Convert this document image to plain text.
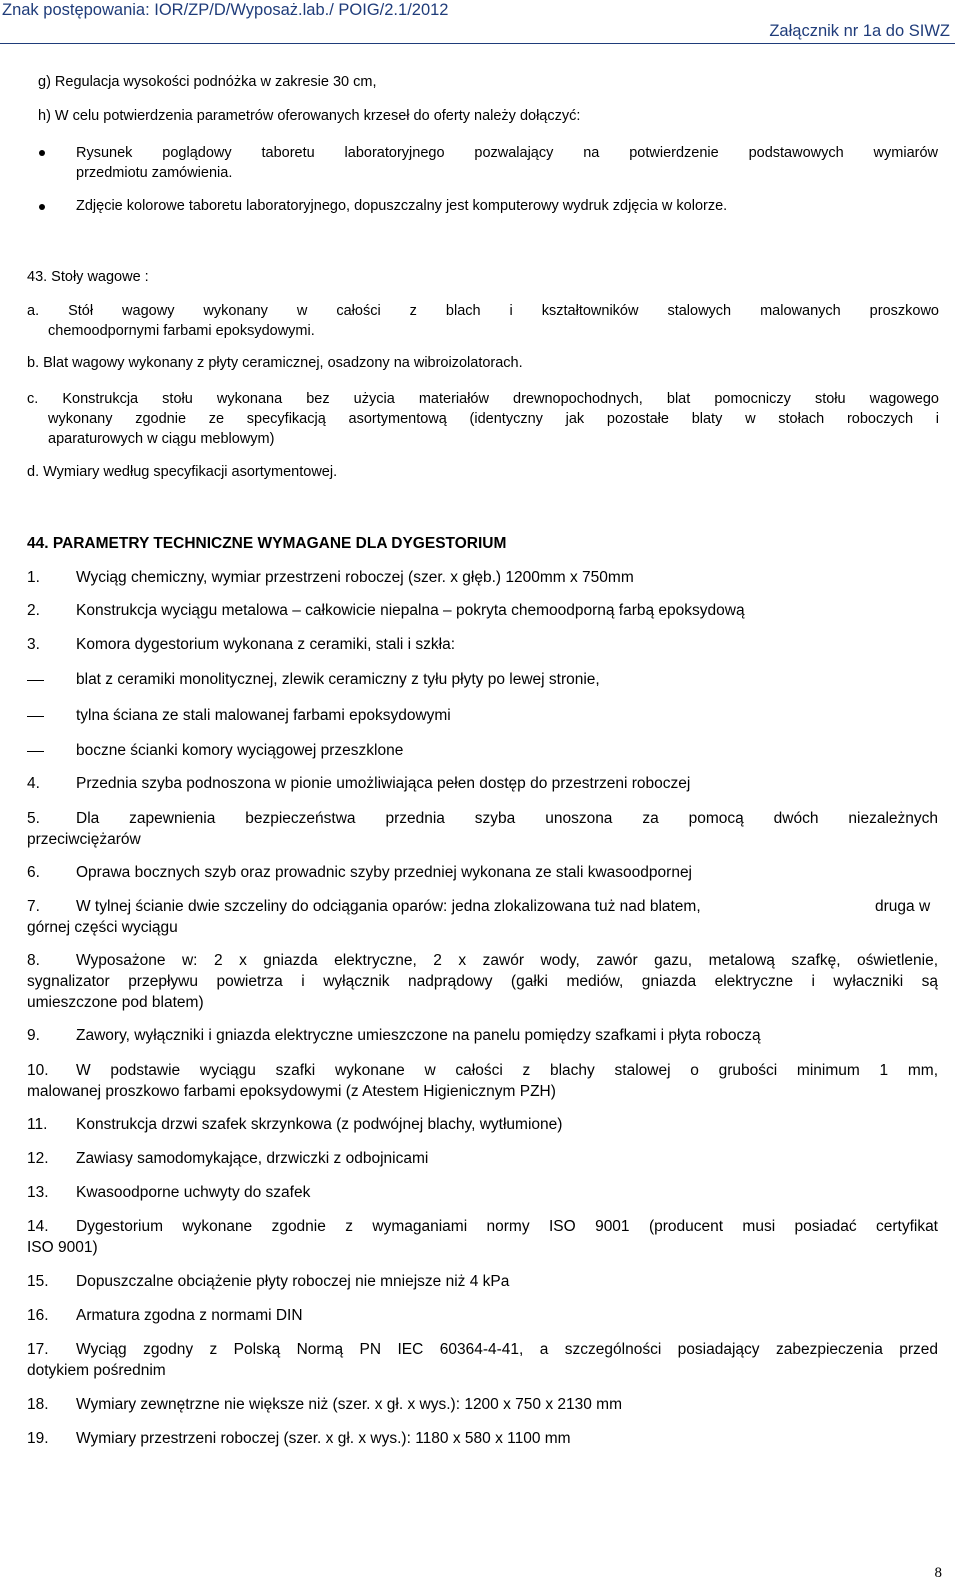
Znak postępowania: IOR/ZP/D/Wyposaż.lab./ POIG/2.1/2012
Załącznik nr 1a do SIWZ
g) Regulacja wysokości podnóżka w zakresie 30 cm,
h) W celu potwierdzenia parametrów oferowanych krzeseł do oferty należy dołączyć:
Rysunek poglądowy taboretu laboratoryjnego pozwalający na potwierdzenie podstawowych wymiarów
przedmiotu zamówienia.
Zdjęcie kolorowe taboretu laboratoryjnego, dopuszczalny jest komputerowy wydruk zdjęcia w kolorze.
43. Stoły wagowe :
a. Stół wagowy wykonany w całości z blach i kształtowników stalowych malowanych proszkowo
chemoodpornymi farbami epoksydowymi.
b. Blat wagowy wykonany z płyty ceramicznej, osadzony na wibroizolatorach.
c. Konstrukcja stołu wykonana bez użycia materiałów drewnopochodnych, blat pomocniczy stołu wagowego
wykonany zgodnie ze specyfikacją asortymentową (identyczny jak pozostałe blaty w stołach roboczych i
aparaturowych w ciągu meblowym)
d. Wymiary według specyfikacji asortymentowej.
44. PARAMETRY TECHNICZNE WYMAGANE DLA DYGESTORIUM
1. Wyciąg chemiczny, wymiar przestrzeni roboczej (szer. x głęb.) 1200mm x 750mm
2. Konstrukcja wyciągu metalowa – całkowicie niepalna – pokryta chemoodporną farbą epoksydową
3. Komora dygestorium wykonana z ceramiki, stali i szkła:
blat z ceramiki monolitycznej, zlewik ceramiczny z tyłu płyty po lewej stronie,
tylna ściana ze stali malowanej farbami epoksydowymi
boczne ścianki komory wyciągowej przeszklone
4. Przednia szyba podnoszona w pionie umożliwiająca pełen dostęp do przestrzeni roboczej
5. Dla zapewnienia bezpieczeństwa przednia szyba unoszona za pomocą dwóch niezależnych
przeciwciężarów
6. Oprawa bocznych szyb oraz prowadnic szyby przedniej wykonana ze stali kwasoodpornej
7. W tylnej ścianie dwie szczeliny do odciągania oparów: jedna zlokalizowana tuż nad blatem,	druga w
górnej części wyciągu
8. Wyposażone w: 2 x gniazda elektryczne, 2 x zawór wody, zawór gazu, metalową szafkę, oświetlenie,
sygnalizator przepływu powietrza i wyłącznik nadprądowy (gałki mediów, gniazda elektryczne i wyłaczniki są
umieszczone pod blatem)
9. Zawory, wyłączniki i gniazda elektryczne umieszczone na panelu pomiędzy szafkami i płyta roboczą
10. W podstawie wyciągu szafki wykonane w całości z blachy stalowej o grubości minimum 1 mm,
malowanej proszkowo farbami epoksydowymi (z Atestem Higienicznym PZH)
11. Konstrukcja drzwi szafek skrzynkowa (z podwójnej blachy, wytłumione)
12. Zawiasy samodomykające, drzwiczki z odbojnicami
13. Kwasoodporne uchwyty do szafek
14. Dygestorium wykonane zgodnie z wymaganiami normy ISO 9001 (producent musi posiadać certyfikat
ISO 9001)
15. Dopuszczalne obciążenie płyty roboczej nie mniejsze niż 4 kPa
16. Armatura zgodna z normami DIN
17. Wyciąg zgodny z Polską Normą PN IEC 60364-4-41, a szczególności posiadający zabezpieczenia przed
dotykiem pośrednim
18. Wymiary zewnętrzne nie większe niż (szer. x gł. x wys.): 1200 x 750 x 2130 mm
19. Wymiary przestrzeni roboczej (szer. x gł. x wys.): 1180 x 580 x 1100 mm
8
